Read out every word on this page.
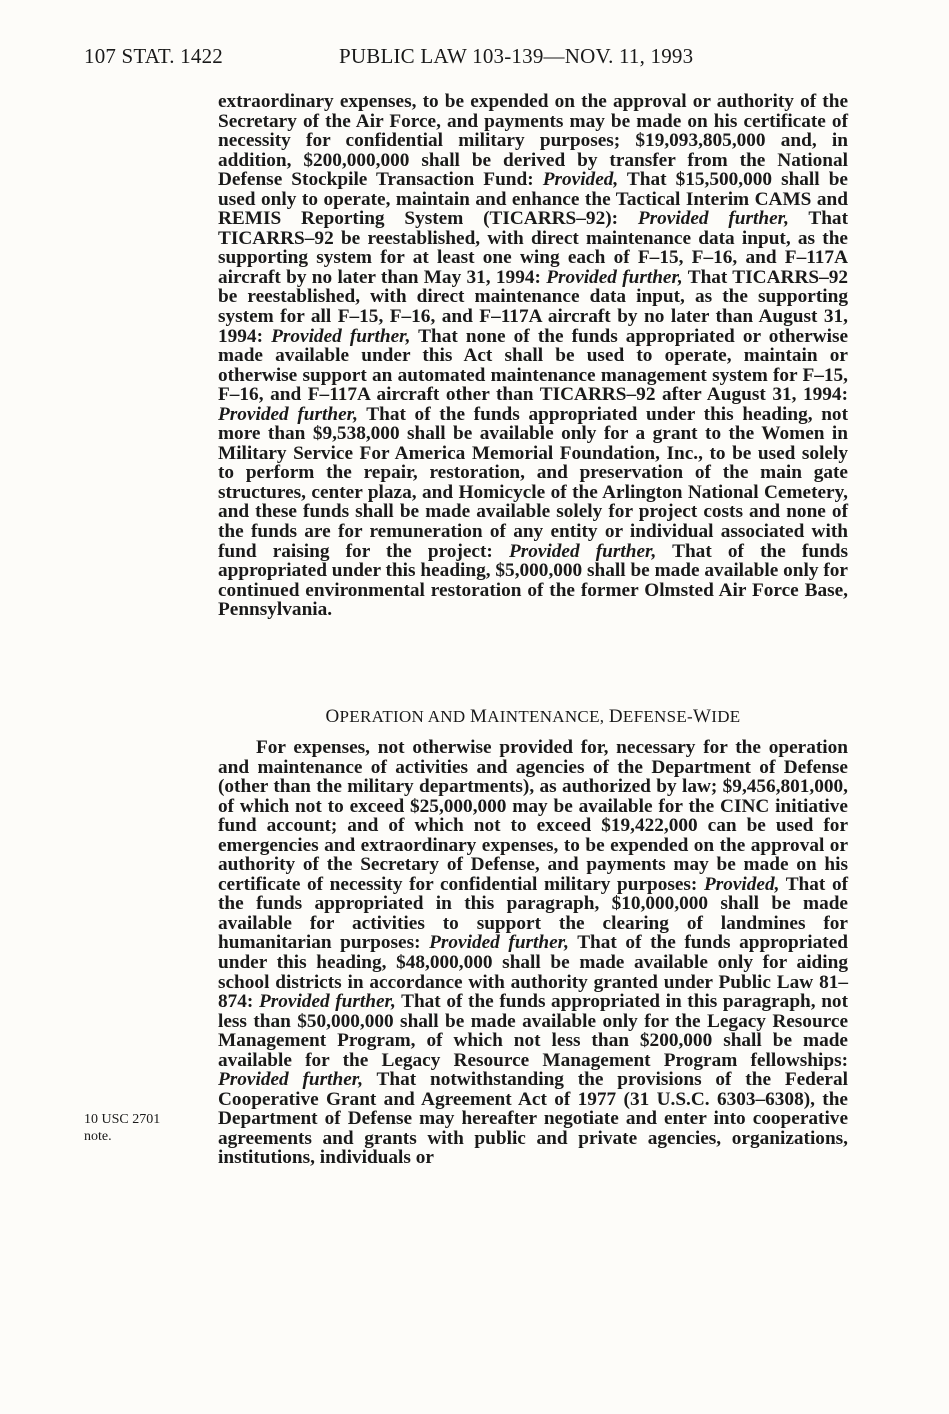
107 STAT. 1422	PUBLIC LAW 103-139—NOV. 11, 1993

extraordinary expenses, to be expended on the approval or authority of the Secretary of the Air Force, and payments may be made on his certificate of necessity for confidential military purposes; $19,093,805,000 and, in addition, $200,000,000 shall be derived by transfer from the National Defense Stockpile Transaction Fund: Provided, That $15,500,000 shall be used only to operate, maintain and enhance the Tactical Interim CAMS and REMIS Reporting System (TICARRS–92): Provided further, That TICARRS–92 be reestablished, with direct maintenance data input, as the supporting system for at least one wing each of F–15, F–16, and F–117A aircraft by no later than May 31, 1994: Provided further, That TICARRS–92 be reestablished, with direct maintenance data input, as the supporting system for all F–15, F–16, and F–117A aircraft by no later than August 31, 1994: Provided further, That none of the funds appropriated or otherwise made available under this Act shall be used to operate, maintain or otherwise support an automated maintenance management system for F–15, F–16, and F–117A aircraft other than TICARRS–92 after August 31, 1994: Provided further, That of the funds appropriated under this heading, not more than $9,538,000 shall be available only for a grant to the Women in Military Service For America Memorial Foundation, Inc., to be used solely to perform the repair, restoration, and preservation of the main gate structures, center plaza, and Homicycle of the Arlington National Cemetery, and these funds shall be made available solely for project costs and none of the funds are for remuneration of any entity or individual associated with fund raising for the project: Provided further, That of the funds appropriated under this heading, $5,000,000 shall be made available only for continued environmental restoration of the former Olmsted Air Force Base, Pennsylvania.

OPERATION AND MAINTENANCE, DEFENSE-WIDE
For expenses, not otherwise provided for, necessary for the operation and maintenance of activities and agencies of the Department of Defense (other than the military departments), as authorized by law; $9,456,801,000, of which not to exceed $25,000,000 may be available for the CINC initiative fund account; and of which not to exceed $19,422,000 can be used for emergencies and extraordinary expenses, to be expended on the approval or authority of the Secretary of Defense, and payments may be made on his certificate of necessity for confidential military purposes: Provided, That of the funds appropriated in this paragraph, $10,000,000 shall be made available for activities to support the clearing of landmines for humanitarian purposes: Provided further, That of the funds appropriated under this heading, $48,000,000 shall be made available only for aiding school districts in accordance with authority granted under Public Law 81–874: Provided further, That of the funds appropriated in this paragraph, not less than $50,000,000 shall be made available only for the Legacy Resource Management Program, of which not less than $200,000 shall be made available for the Legacy Resource Management Program fellowships: Provided further, That notwithstanding the provisions of the Federal Cooperative Grant and Agreement Act of 1977 (31 U.S.C. 6303–6308), the Department of Defense may hereafter negotiate and enter into cooperative agreements and grants with public and private agencies, organizations, institutions, individuals or
10 USC 2701
note.
